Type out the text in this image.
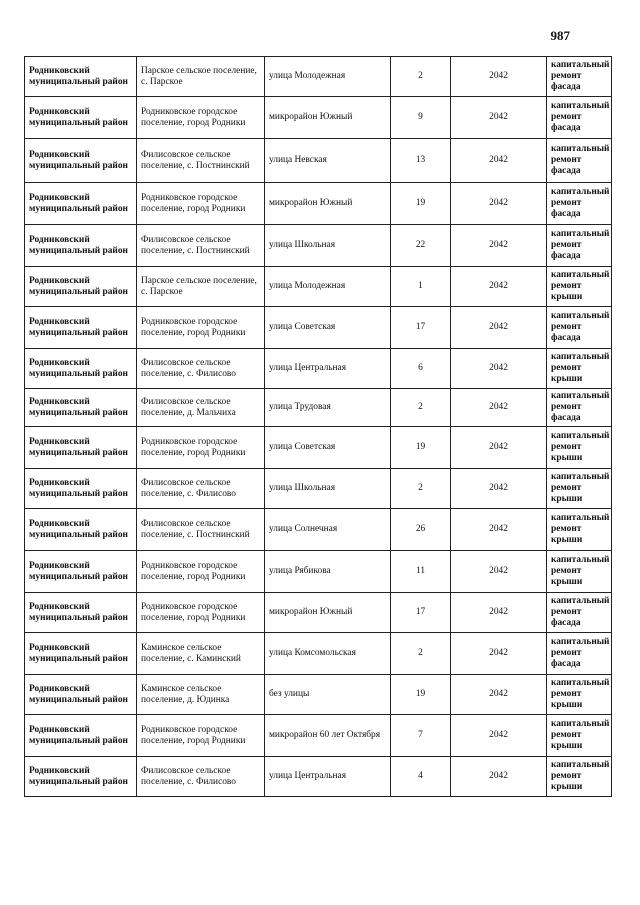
987
Родниковский муниципальный район	Парское сельское поселение, с. Парское	улица Молодежная	2	2042	капитальный ремонт фасада
Родниковский муниципальный район	Родниковское городское поселение, город Родники	микрорайон Южный	9	2042	капитальный ремонт фасада
Родниковский муниципальный район	Филисовское сельское поселение, с. Постнинский	улица Невская	13	2042	капитальный ремонт фасада
Родниковский муниципальный район	Родниковское городское поселение, город Родники	микрорайон Южный	19	2042	капитальный ремонт фасада
Родниковский муниципальный район	Филисовское сельское поселение, с. Постнинский	улица Школьная	22	2042	капитальный ремонт фасада
Родниковский муниципальный район	Парское сельское поселение, с. Парское	улица Молодежная	1	2042	капитальный ремонт крыши
Родниковский муниципальный район	Родниковское городское поселение, город Родники	улица Советская	17	2042	капитальный ремонт фасада
Родниковский муниципальный район	Филисовское сельское поселение, с. Филисово	улица Центральная	6	2042	капитальный ремонт крыши
Родниковский муниципальный район	Филисовское сельское поселение, д. Мальчиха	улица Трудовая	2	2042	капитальный ремонт фасада
Родниковский муниципальный район	Родниковское городское поселение, город Родники	улица Советская	19	2042	капитальный ремонт крыши
Родниковский муниципальный район	Филисовское сельское поселение, с. Филисово	улица Школьная	2	2042	капитальный ремонт крыши
Родниковский муниципальный район	Филисовское сельское поселение, с. Постнинский	улица Солнечная	26	2042	капитальный ремонт крыши
Родниковский муниципальный район	Родниковское городское поселение, город Родники	улица Рябикова	11	2042	капитальный ремонт крыши
Родниковский муниципальный район	Родниковское городское поселение, город Родники	микрорайон Южный	17	2042	капитальный ремонт фасада
Родниковский муниципальный район	Каминское сельское поселение, с. Каминский	улица Комсомольская	2	2042	капитальный ремонт фасада
Родниковский муниципальный район	Каминское сельское поселение, д. Юдинка	без улицы	19	2042	капитальный ремонт крыши
Родниковский муниципальный район	Родниковское городское поселение, город Родники	микрорайон 60 лет Октября	7	2042	капитальный ремонт крыши
Родниковский муниципальный район	Филисовское сельское поселение, с. Филисово	улица Центральная	4	2042	капитальный ремонт крыши
